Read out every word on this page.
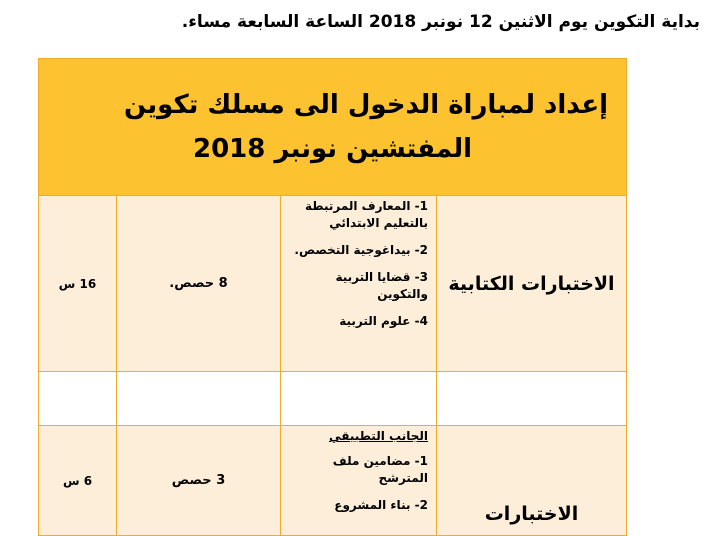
بداية التكوين يوم الاثنين 12 نونبر 2018 الساعة السابعة مساء.
إعداد لمباراة الدخول الى مسلك تكوين
المفتشين نونبر 2018			

16 س	8 حصص.	1- المعارف المرتبطة بالتعليم الابتدائي
2- بيداغوجية التخصص.
3- قضايا التربية والتكوين
4- علوم التربية	الاختبارات الكتابية

6 س	3 حصص	الجانب التطبيقي
1- مضامين ملف المترشح
2- بناء المشروع	الاختبارات
